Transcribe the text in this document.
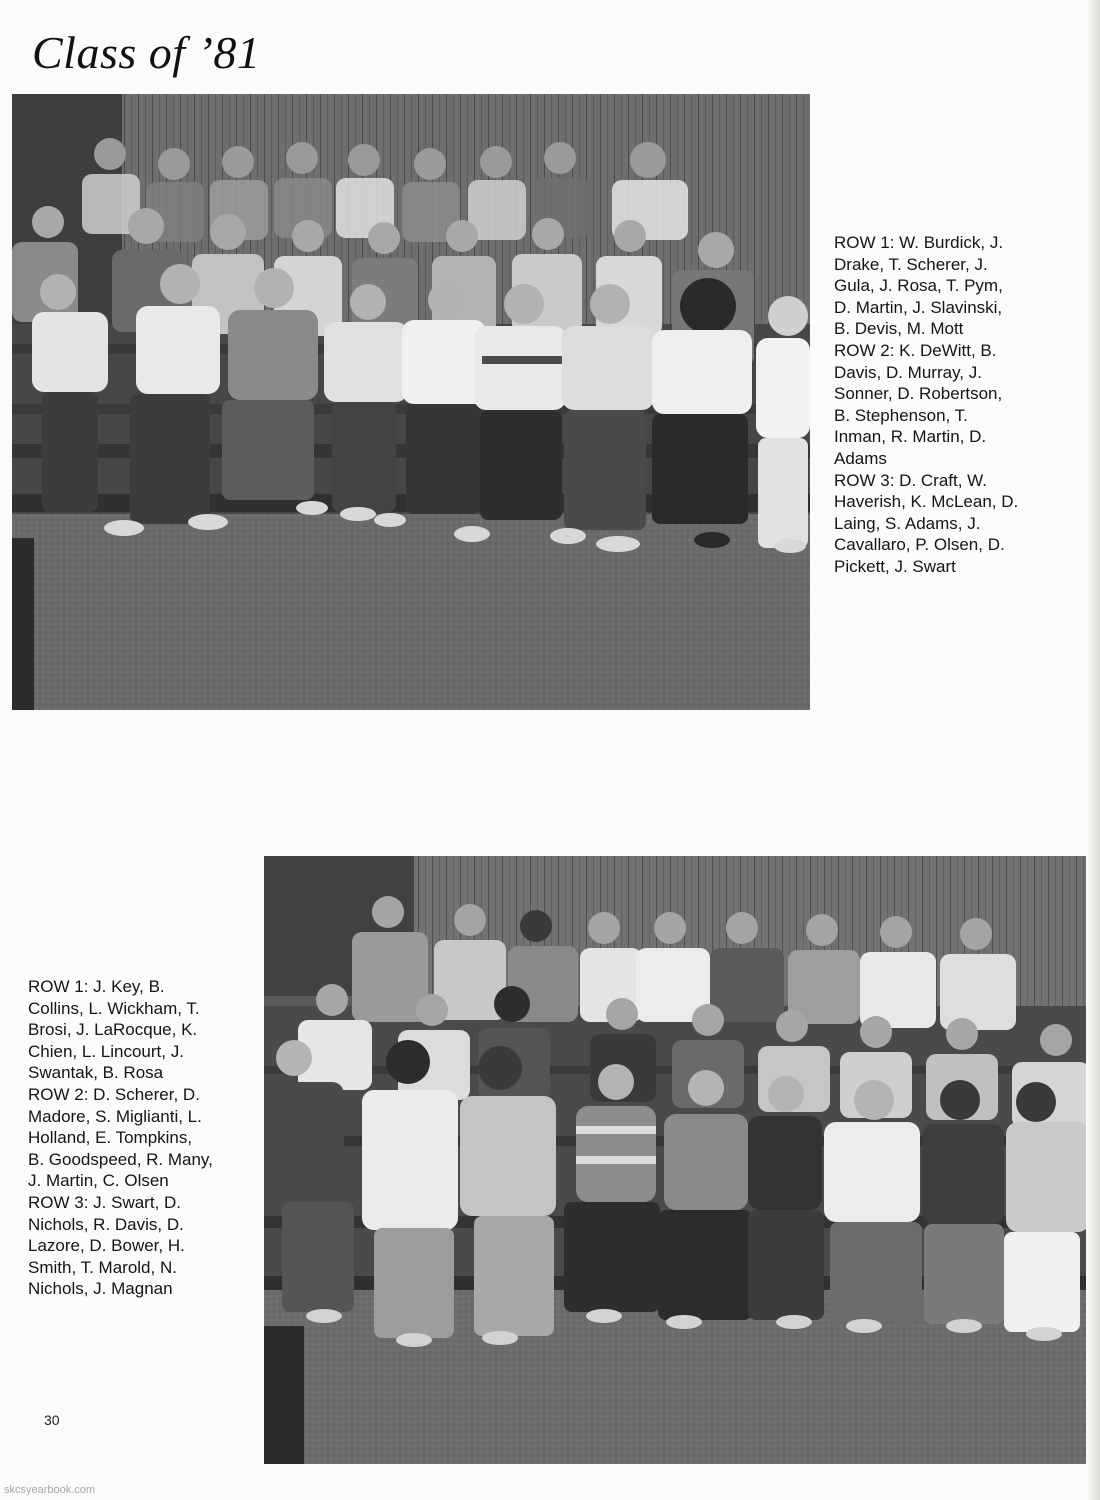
Class of ’81
ROW 1: W. Burdick, J.
Drake, T. Scherer, J.
Gula, J. Rosa, T. Pym,
D. Martin, J. Slavinski,
B. Devis, M. Mott
ROW 2: K. DeWitt, B.
Davis, D. Murray, J.
Sonner, D. Robertson,
B. Stephenson, T.
Inman, R. Martin, D.
Adams
ROW 3: D. Craft, W.
Haverish, K. McLean, D.
Laing, S. Adams, J.
Cavallaro, P. Olsen, D.
Pickett, J. Swart
ROW 1: J. Key, B.
Collins, L. Wickham, T.
Brosi, J. LaRocque, K.
Chien, L. Lincourt, J.
Swantak, B. Rosa
ROW 2: D. Scherer, D.
Madore, S. Miglianti, L.
Holland, E. Tompkins,
B. Goodspeed, R. Many,
J. Martin, C. Olsen
ROW 3: J. Swart, D.
Nichols, R. Davis, D.
Lazore, D. Bower, H.
Smith, T. Marold, N.
Nichols, J. Magnan
30
skcsyearbook.com
